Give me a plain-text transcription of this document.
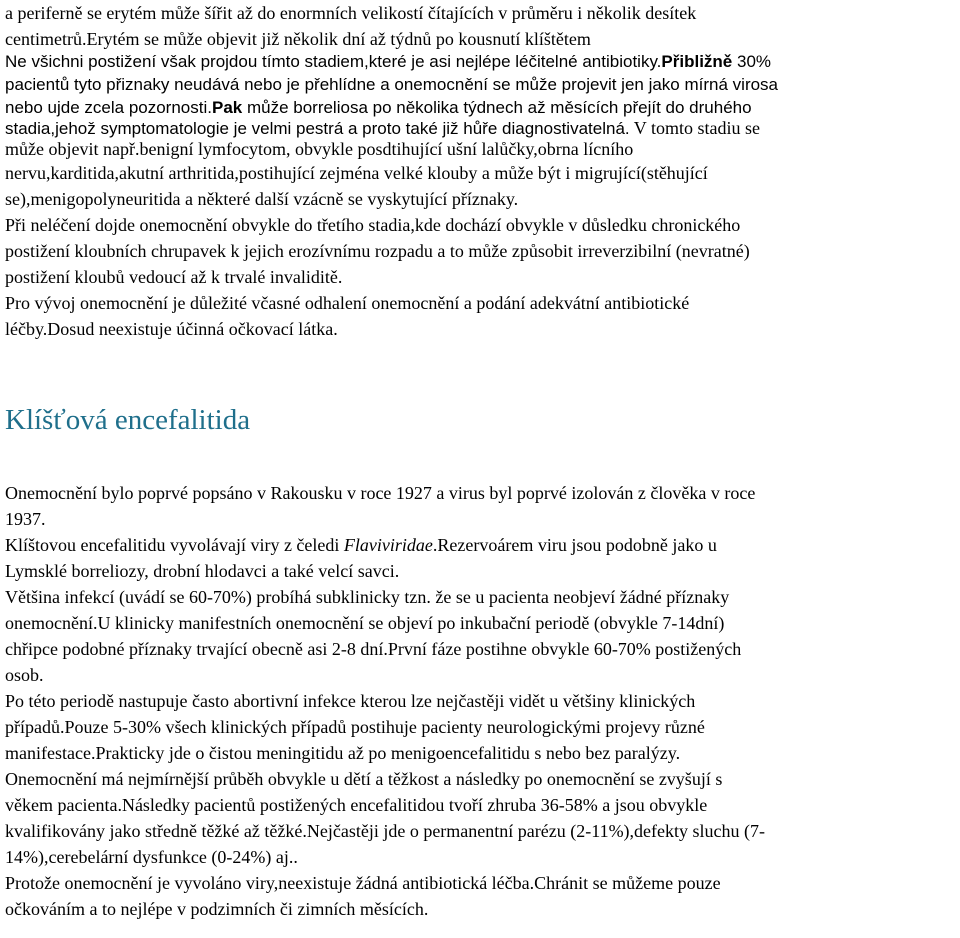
a periferně se erytém může šířit až do enormních velikostí čítajících v průměru i několik desítek
centimetrů.Erytém se může objevit již několik dní až týdnů po kousnutí klíštětem
Ne všichni postižení však projdou tímto stadiem,které je asi nejlépe léčitelné antibiotiky.Přibližně 30%
pacientů tyto přiznaky neudává nebo je přehlídne a onemocnění se může projevit jen jako mírná virosa
nebo ujde zcela pozornosti.Pak může borreliosa po několika týdnech až měsících přejít do druhého
stadia,jehož symptomatologie je velmi pestrá a proto také již hůře diagnostivatelná. V tomto stadiu se
může objevit např.benigní lymfocytom, obvykle posdtihující ušní lalůčky,obrna lícního
nervu,karditida,akutní arthritida,postihující zejména velké klouby a může být i migrující(stěhující
se),menigopolyneuritida a některé další vzácně se vyskytující příznaky.
Při neléčení dojde onemocnění obvykle do třetího stadia,kde dochází obvykle v důsledku chronického
postižení kloubních chrupavek k jejich erozívnímu rozpadu a to může způsobit irreverzibilní (nevratné)
postižení kloubů vedoucí až k trvalé invaliditě.
Pro vývoj onemocnění je důležité včasné odhalení onemocnění a podání adekvátní antibiotické
léčby.Dosud neexistuje účinná očkovací látka.
Klíšťová encefalitida
Onemocnění bylo poprvé popsáno v Rakousku v roce 1927 a virus byl poprvé izolován z člověka v roce
1937.
Klíštovou encefalitidu vyvolávají viry z čeledi Flaviviridae.Rezervoárem viru jsou podobně jako u
Lymsklé borreliozy, drobní hlodavci a také velcí savci.
Většina infekcí (uvádí se 60-70%) probíhá subklinicky tzn. že se u pacienta neobjeví žádné příznaky
onemocnění.U klinicky manifestních onemocnění se objeví po inkubační periodě (obvykle 7-14dní)
chřipce podobné příznaky trvající obecně asi 2-8 dní.První fáze postihne obvykle 60-70% postižených
osob.
Po této periodě nastupuje často abortivní infekce kterou lze nejčastěji vidět u většiny klinických
případů.Pouze 5-30% všech klinických případů postihuje pacienty neurologickými projevy různé
manifestace.Prakticky jde o čistou meningitidu až po menigoencefalitidu s nebo bez paralýzy.
Onemocnění má nejmírnější průběh obvykle u dětí a těžkost a následky po onemocnění se zvyšují s
věkem pacienta.Následky pacientů postižených encefalitidou tvoří zhruba 36-58% a jsou obvykle
kvalifikovány jako středně těžké až těžké.Nejčastěji jde o permanentní parézu (2-11%),defekty sluchu (7-
14%),cerebelární dysfunkce (0-24%) aj..
Protože onemocnění je vyvoláno viry,neexistuje žádná antibiotická léčba.Chránit se můžeme pouze
očkováním a to nejlépe v podzimních či zimních měsících.
